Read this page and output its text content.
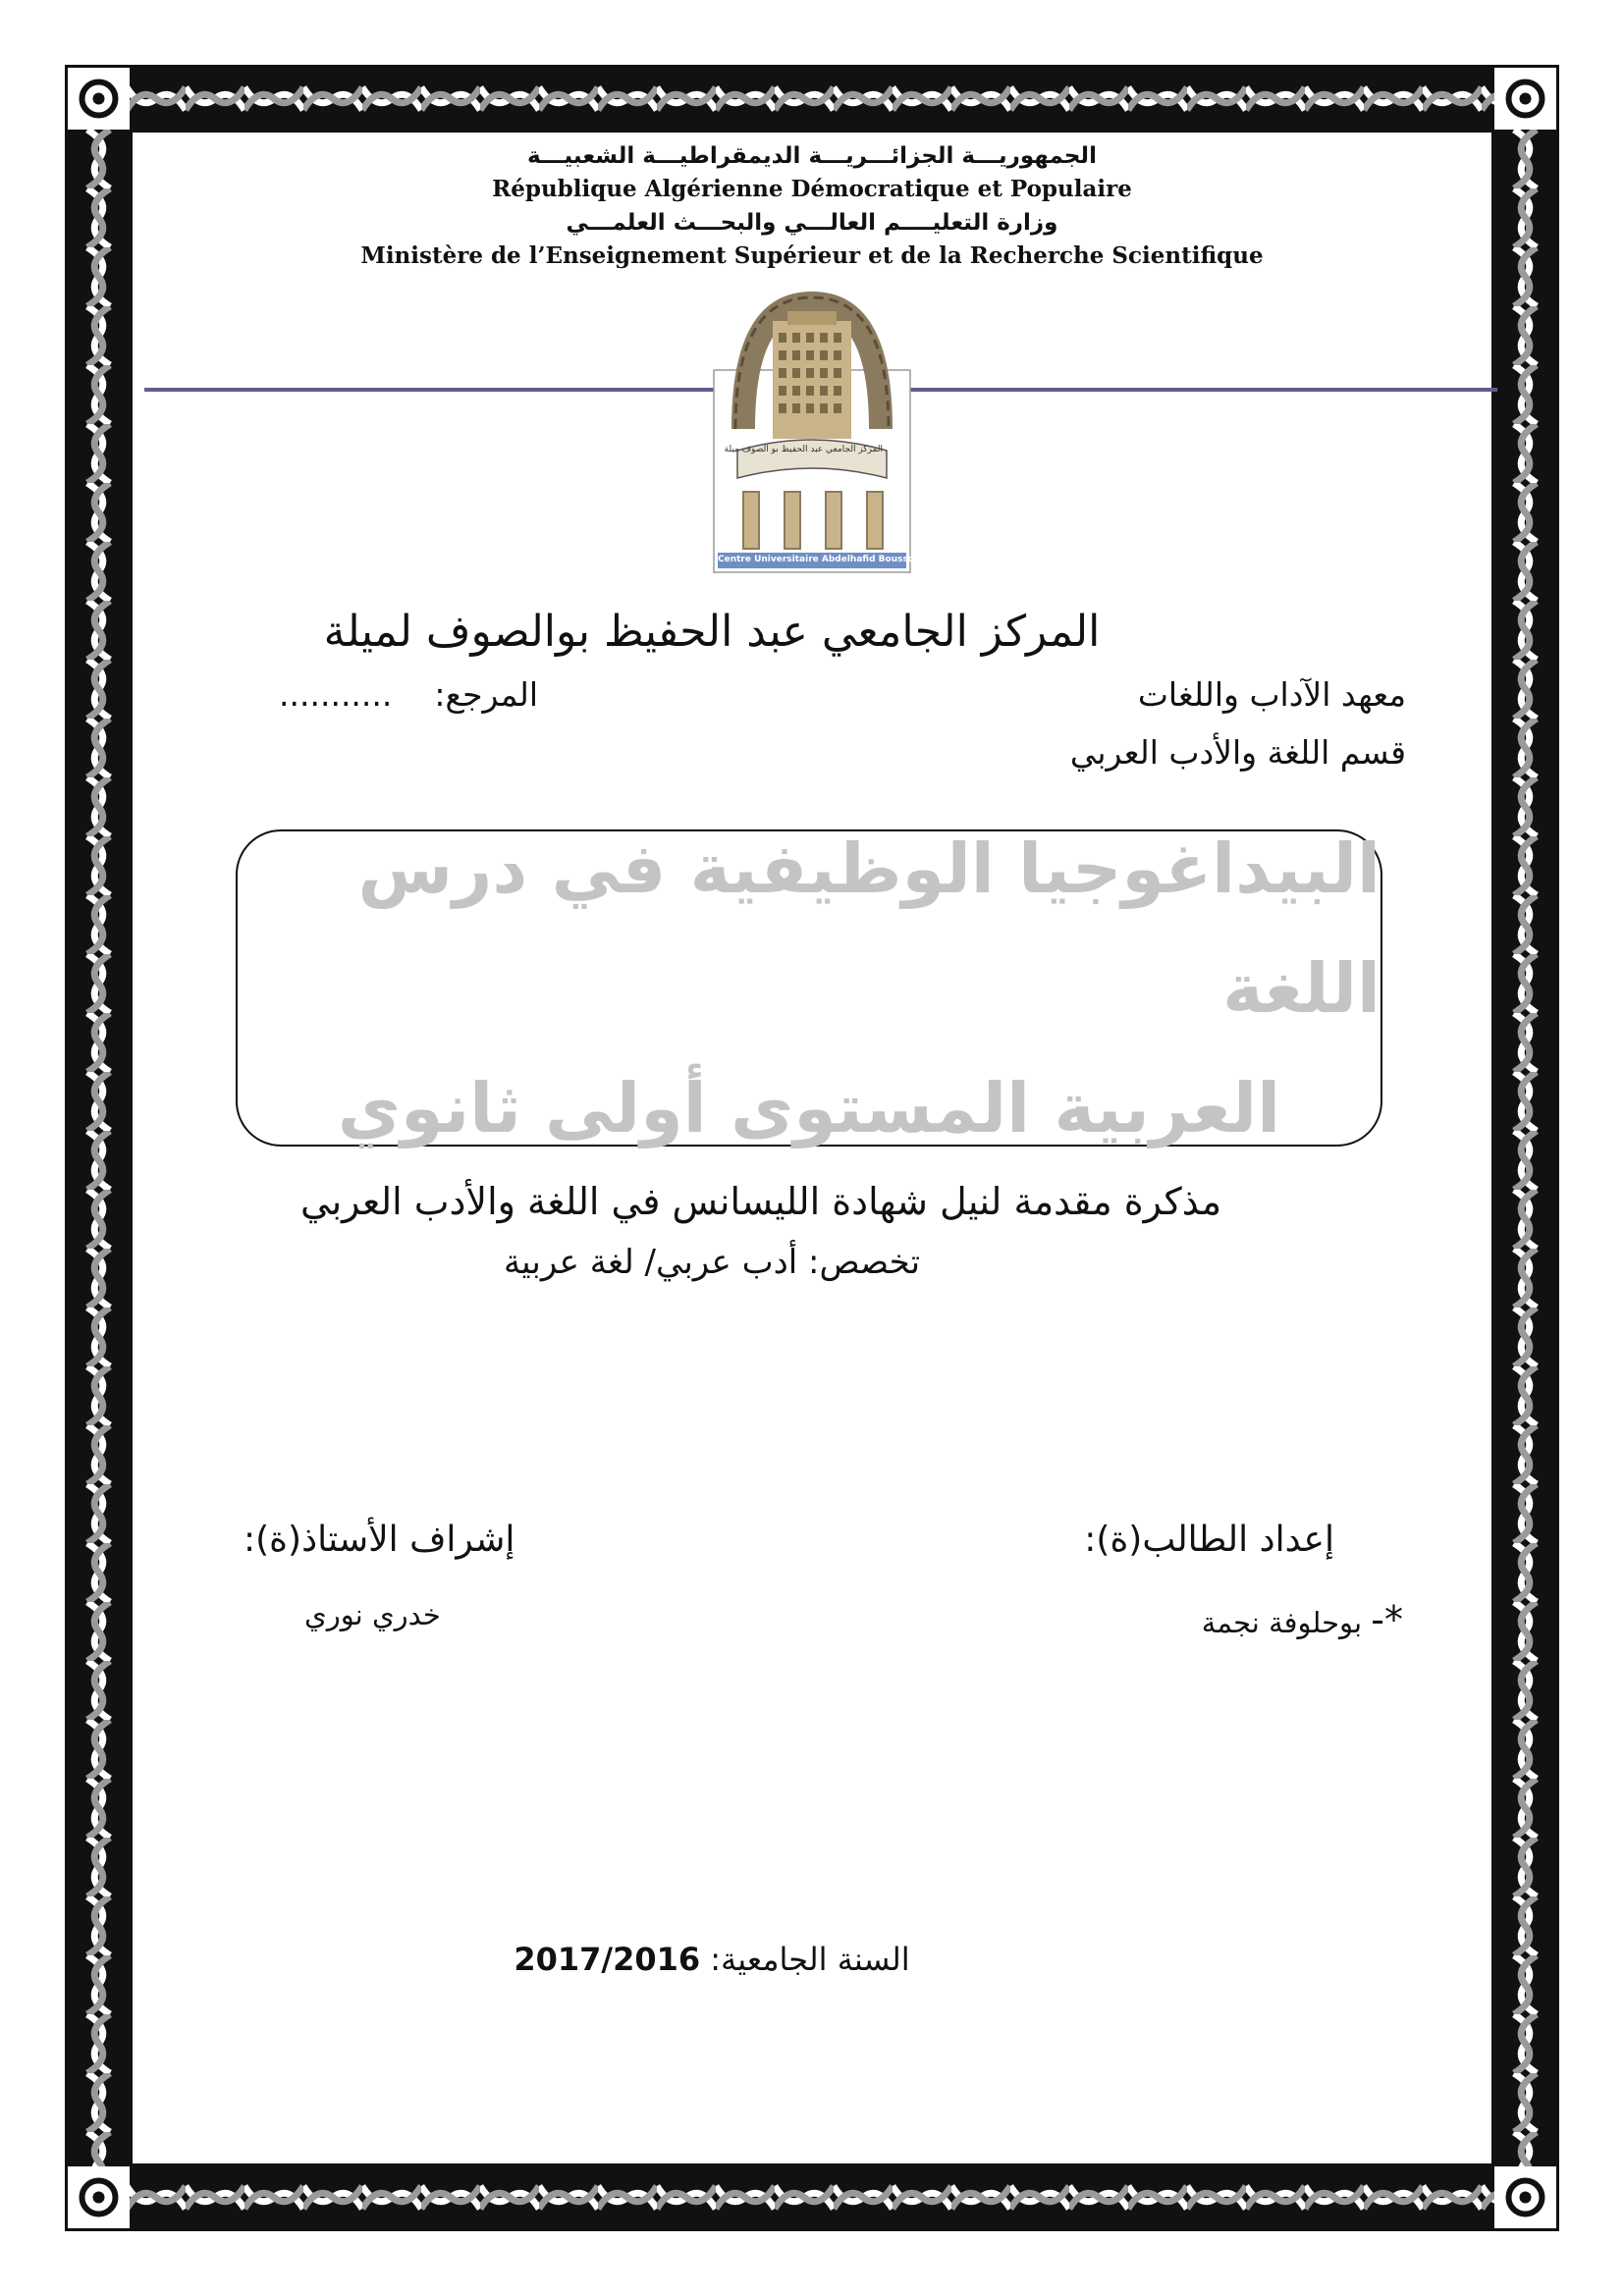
الجمهوريـــة الجزائـــريـــة الديمقراطيـــة الشعبيـــة
République Algérienne Démocratique et Populaire
وزارة التعليــــم العالـــي والبحـــث العلمـــي
Ministère de l’Enseignement Supérieur et de la Recherche Scientifique
المركز الجامعي عبد الحفيظ بو الصوف ميلة
Centre Universitaire Abdelhafid Boussouf Mila
المركز الجامعي عبد الحفيظ بوالصوف لميلة
معهد الآداب واللغات
المرجع:  ...........
قسم اللغة والأدب العربي
البيداغوجيا الوظيفية في درس اللغة
العربية المستوى أولى ثانوي
مذكرة مقدمة لنيل شهادة الليسانس في اللغة والأدب العربي
تخصص: أدب عربي/ لغة عربية
إعداد الطالب(ة):
إشراف الأستاذ(ة):
*- بوحلوفة نجمة
خدري نوري
السنة الجامعية: 2017/2016
